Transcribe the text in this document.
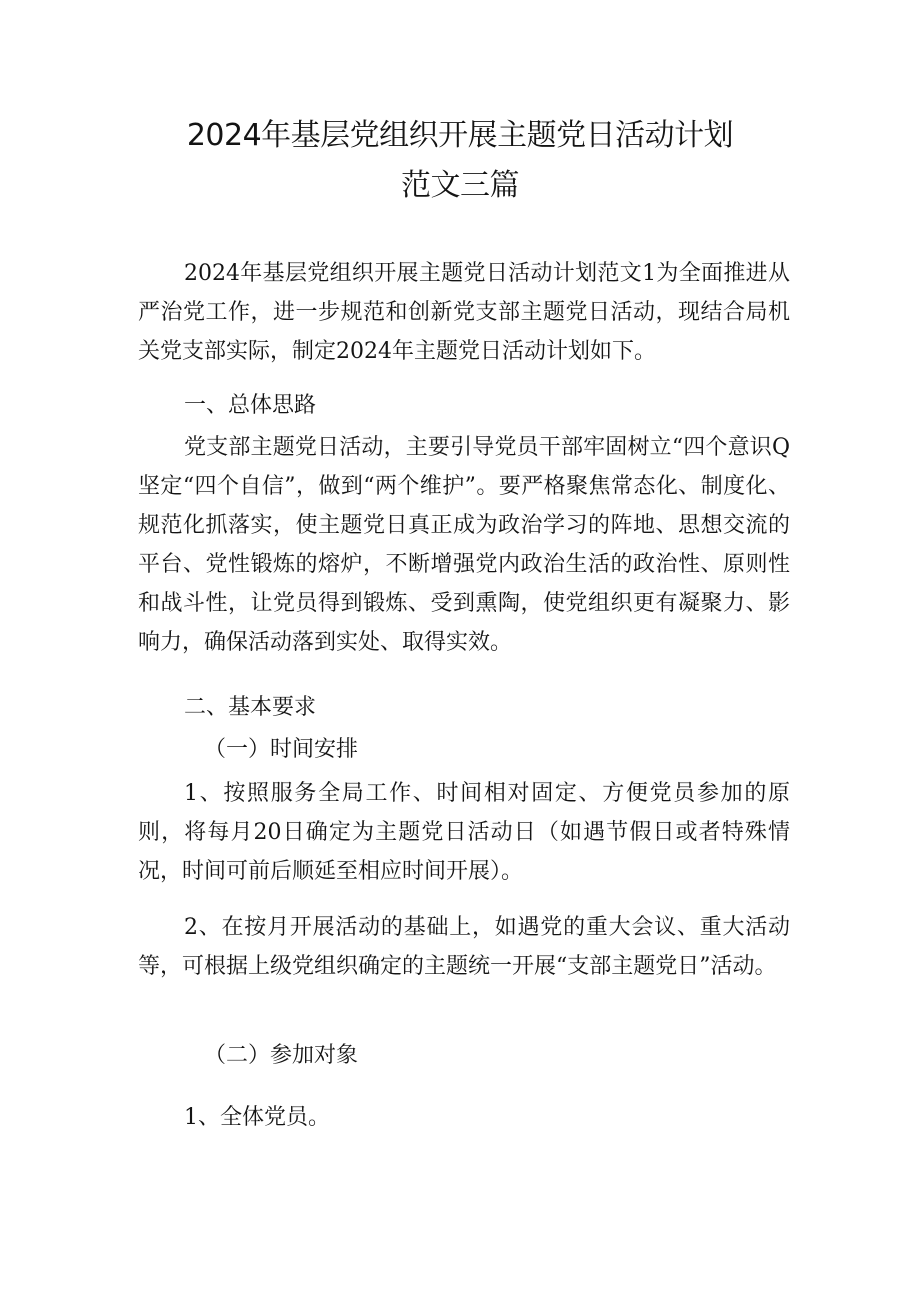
2024年基层党组织开展主题党日活动计划
范文三篇

2024年基层党组织开展主题党日活动计划范文1为全面推进从严治党工作，进一步规范和创新党支部主题党日活动，现结合局机关党支部实际，制定2024年主题党日活动计划如下。

一、总体思路

党支部主题党日活动，主要引导党员干部牢固树立“四个意识Q坚定“四个自信”，做到“两个维护”。要严格聚焦常态化、制度化、规范化抓落实，使主题党日真正成为政治学习的阵地、思想交流的平台、党性锻炼的熔炉，不断增强党内政治生活的政治性、原则性和战斗性，让党员得到锻炼、受到熏陶，使党组织更有凝聚力、影响力，确保活动落到实处、取得实效。

二、基本要求

（一）时间安排

1、按照服务全局工作、时间相对固定、方便党员参加的原则，将每月20日确定为主题党日活动日（如遇节假日或者特殊情况，时间可前后顺延至相应时间开展）。

2、在按月开展活动的基础上，如遇党的重大会议、重大活动等，可根据上级党组织确定的主题统一开展“支部主题党日”活动。

（二）参加对象

1、全体党员。
